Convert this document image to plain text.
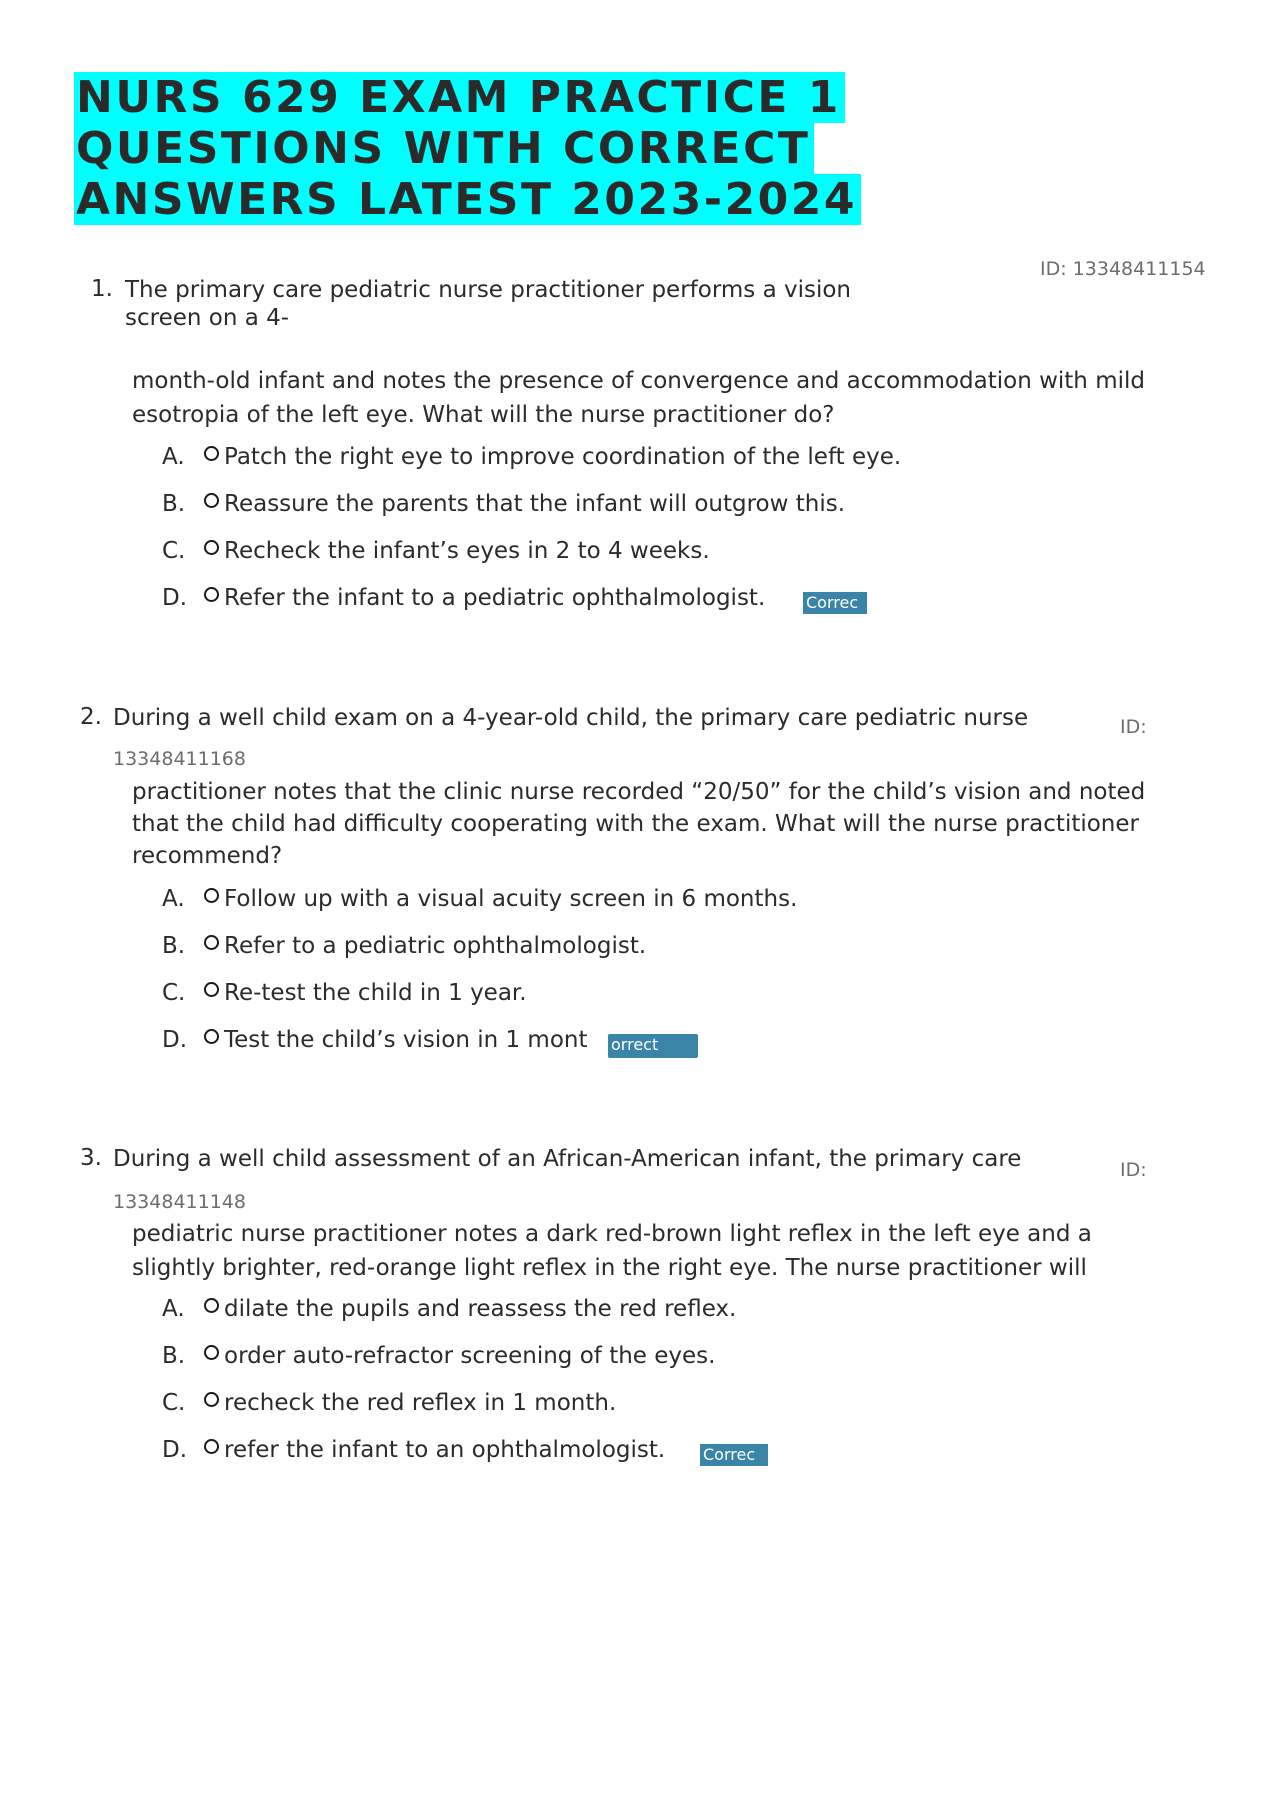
NURS 629 EXAM PRACTICE 1
QUESTIONS WITH CORRECT
ANSWERS LATEST 2023-2024
ID: 13348411154
1. The primary care pediatric nurse practitioner performs a vision
screen on a 4-
month-old infant and notes the presence of convergence and accommodation with mild esotropia of the left eye. What will the nurse practitioner do?
A. Patch the right eye to improve coordination of the left eye.
B. Reassure the parents that the infant will outgrow this.
C. Recheck the infant’s eyes in 2 to 4 weeks.
D. Refer the infant to a pediatric ophthalmologist.	Correc
2. During a well child exam on a 4-year-old child, the primary care pediatric nurse	ID:
13348411168
practitioner notes that the clinic nurse recorded “20/50” for the child’s vision and noted that the child had difficulty cooperating with the exam. What will the nurse practitioner recommend?
A. Follow up with a visual acuity screen in 6 months.
B. Refer to a pediatric ophthalmologist.
C. Re-test the child in 1 year.
D. Test the child’s vision in 1 mont orrect
3. During a well child assessment of an African-American infant, the primary care	ID:
13348411148
pediatric nurse practitioner notes a dark red-brown light reflex in the left eye and a slightly brighter, red-orange light reflex in the right eye. The nurse practitioner will
A. dilate the pupils and reassess the red reflex.
B. order auto-refractor screening of the eyes.
C. recheck the red reflex in 1 month.
D. refer the infant to an ophthalmologist. Correc
